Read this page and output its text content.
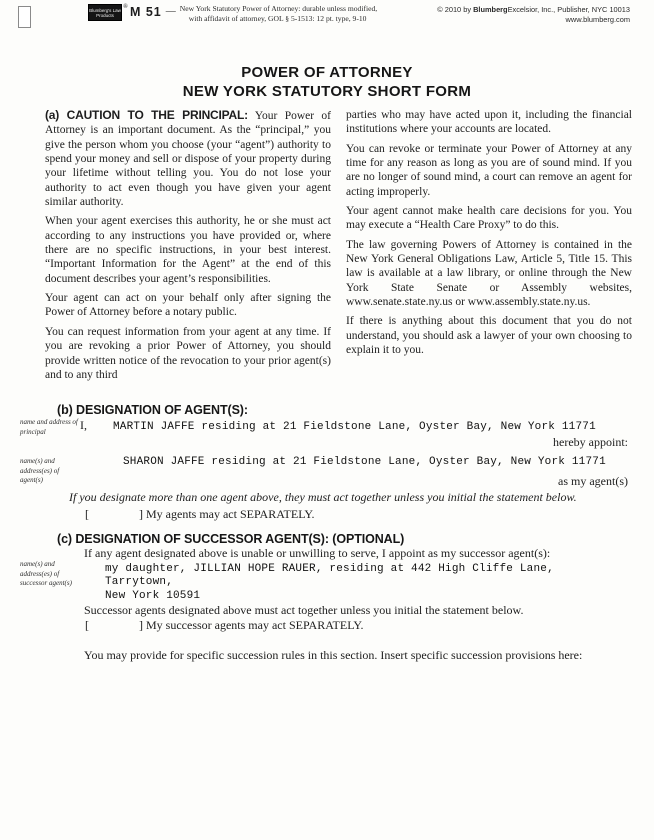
Blumberg's Law Products
® M 51 — New York Statutory Power of Attorney: durable unless modified,
with affidavit of attorney, GOL § 5-1513: 12 pt. type, 9-10
© 2010 by BlumbergExcelsior, Inc., Publisher, NYC 10013
www.blumberg.com
POWER OF ATTORNEY
NEW YORK STATUTORY SHORT FORM

(a) CAUTION TO THE PRINCIPAL: Your Power of Attorney is an important document. As the “principal,” you give the person whom you choose (your “agent”) authority to spend your money and sell or dispose of your property during your lifetime without telling you. You do not lose your authority to act even though you have given your agent similar authority.

When your agent exercises this authority, he or she must act according to any instructions you have provided or, where there are no specific instructions, in your best interest. “Important Information for the Agent” at the end of this document describes your agent’s responsibilities.

Your agent can act on your behalf only after signing the Power of Attorney before a notary public.

You can request information from your agent at any time. If you are revoking a prior Power of Attorney, you should provide written notice of the revocation to your prior agent(s) and to any third

parties who may have acted upon it, including the financial institutions where your accounts are located.

You can revoke or terminate your Power of Attorney at any time for any reason as long as you are of sound mind. If you are no longer of sound mind, a court can remove an agent for acting improperly.

Your agent cannot make health care decisions for you. You may execute a “Health Care Proxy” to do this.

The law governing Powers of Attorney is contained in the New York General Obligations Law, Article 5, Title 15. This law is available at a law library, or online through the New York State Senate or Assembly websites, www.senate.state.ny.us or www.assembly.state.ny.us.

If there is anything about this document that you do not understand, you should ask a lawyer of your own choosing to explain it to you.

name and address of principal
name(s) and address(es) of agent(s)
(b) DESIGNATION OF AGENT(S):
I, MARTIN JAFFE residing at 21 Fieldstone Lane, Oyster Bay, New York 11771
hereby appoint:
SHARON JAFFE residing at 21 Fieldstone Lane, Oyster Bay, New York 11771
as my agent(s)
If you designate more than one agent above, they must act together unless you initial the statement below.
[	] My agents may act SEPARATELY.
name(s) and address(es) of successor agent(s)
(c) DESIGNATION OF SUCCESSOR AGENT(S): (OPTIONAL)
If any agent designated above is unable or unwilling to serve, I appoint as my successor agent(s):
my daughter, JILLIAN HOPE RAUER, residing at 442 High Cliffe Lane, Tarrytown,
New York 10591
Successor agents designated above must act together unless you initial the statement below.
[	] My successor agents may act SEPARATELY.
You may provide for specific succession rules in this section. Insert specific succession provisions here:
